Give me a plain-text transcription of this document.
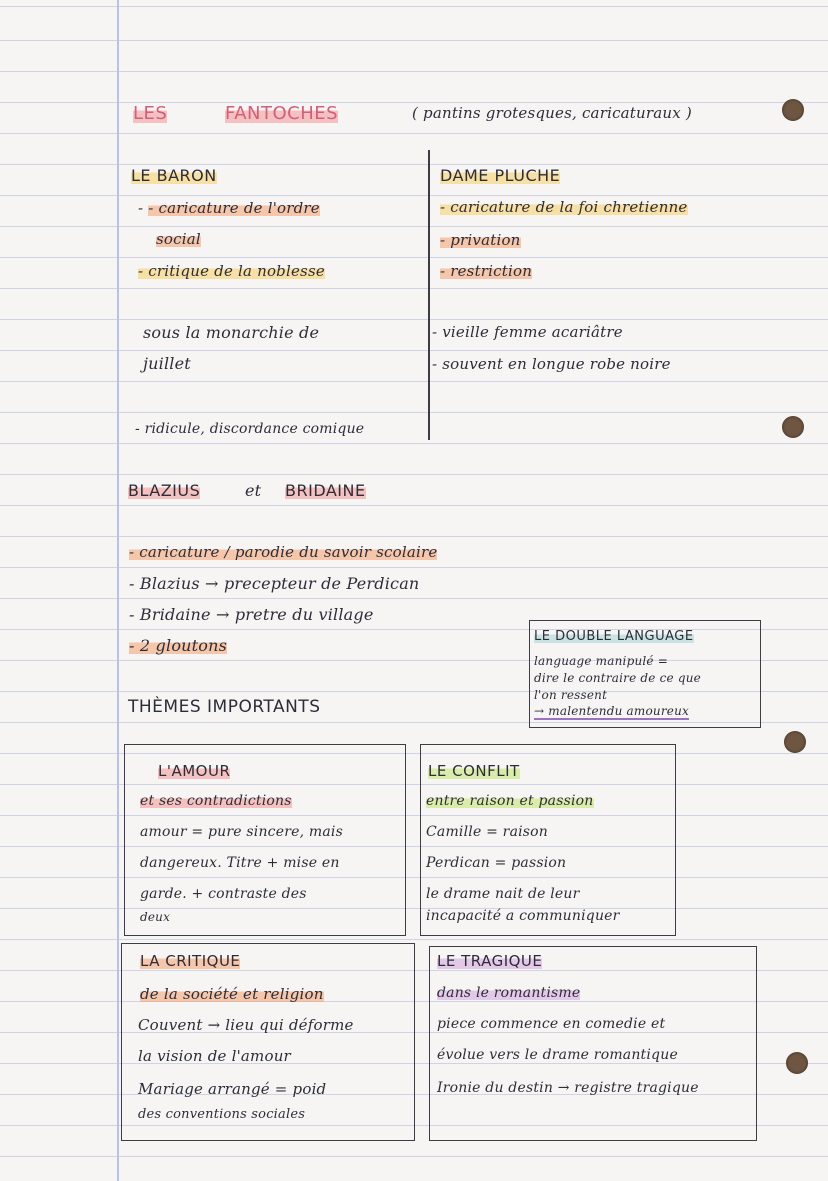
LES	FANTOCHES	( pantins grotesques, caricaturaux )
LE BARON
- - caricature de l'ordre
social
- critique de la noblesse
sous la monarchie de
juillet
- ridicule, discordance comique
DAME PLUCHE
- caricature de la foi chretienne
- privation
- restriction
- vieille femme acariâtre
- souvent en longue robe noire
BLAZIUS	et BRIDAINE
- caricature / parodie du savoir scolaire
- Blazius → precepteur de Perdican
- Bridaine → pretre du village
- 2 gloutons	LE DOUBLE LANGUAGE
language manipulé =
dire le contraire de ce que
l'on ressent
→ malentendu amoureux
THÈMES IMPORTANTS
L'AMOUR
et ses contradictions
amour = pure sincere, mais
dangereux. Titre + mise en
garde. + contraste des
deux
LE CONFLIT
entre raison et passion
Camille = raison
Perdican = passion
le drame nait de leur
incapacité a communiquer
LA CRITIQUE
de la société et religion
Couvent → lieu qui déforme
la vision de l'amour
Mariage arrangé = poid
des conventions sociales
LE TRAGIQUE
dans le romantisme
piece commence en comedie et
évolue vers le drame romantique
Ironie du destin → registre tragique
